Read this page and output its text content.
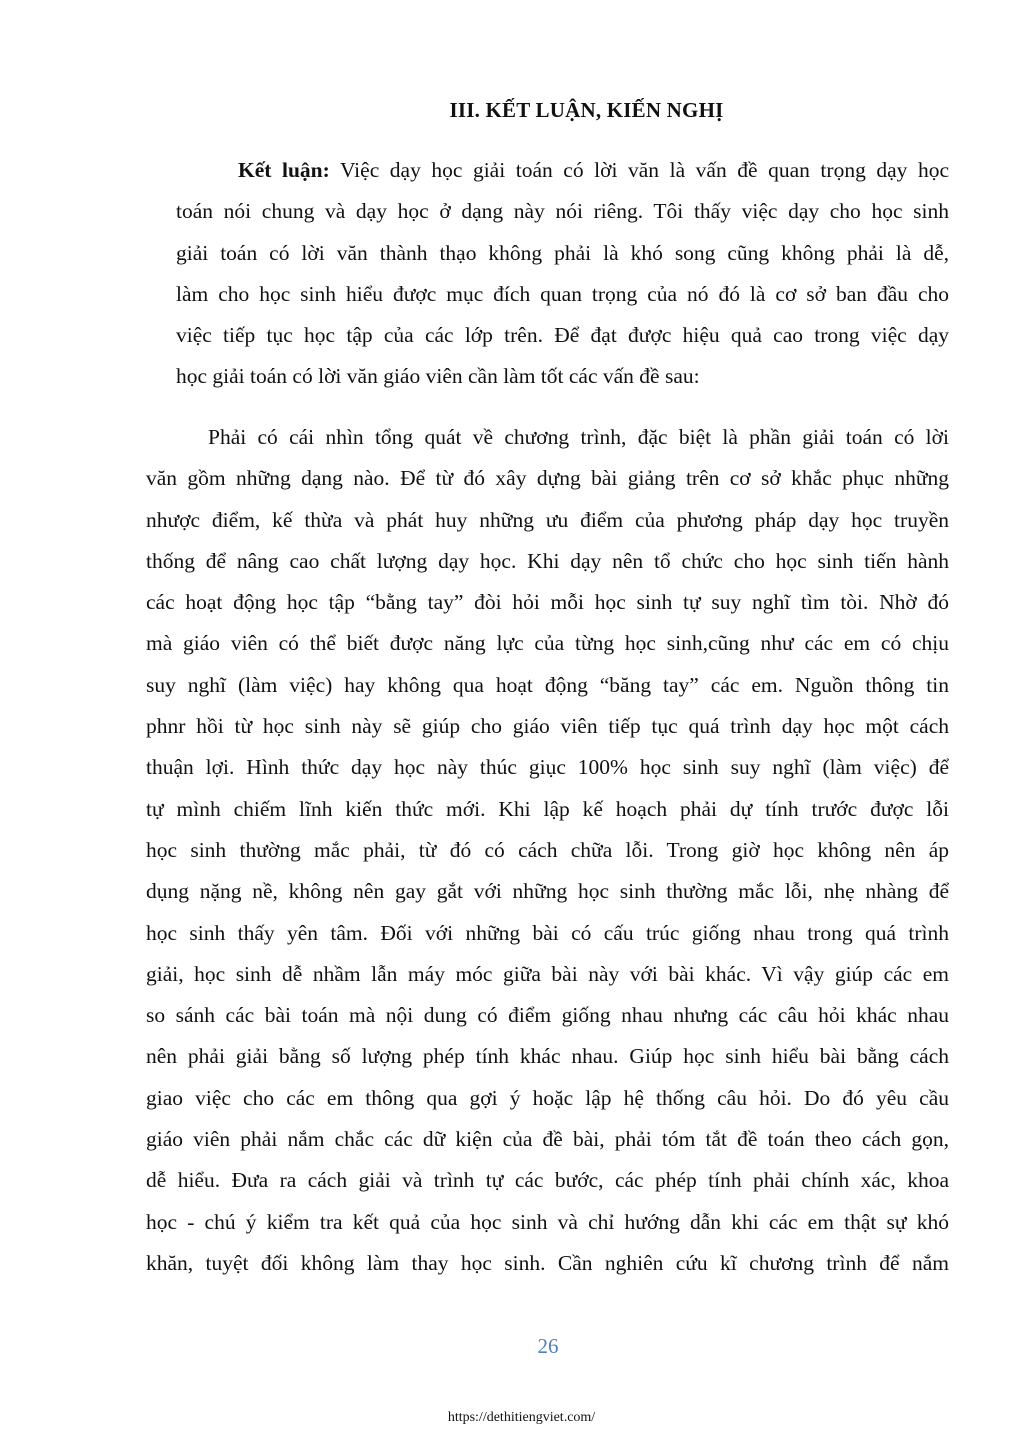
III. KẾT LUẬN, KIẾN NGHỊ
Kết luận: Việc dạy học giải toán có lời văn là vấn đề quan trọng dạy học
toán nói chung và dạy học ở dạng này nói riêng. Tôi thấy việc dạy cho học sinh
giải toán có lời văn thành thạo không phải là khó song cũng không phải là dễ,
làm cho học sinh hiểu được mục đích quan trọng của nó đó là cơ sở ban đầu cho
việc tiếp tục học tập của các lớp trên. Để đạt được hiệu quả cao trong việc dạy
học giải toán có lời văn giáo viên cần làm tốt các vấn đề sau:
Phải có cái nhìn tổng quát về chương trình, đặc biệt là phần giải toán có lời
văn gồm những dạng nào. Để từ đó xây dựng bài giảng trên cơ sở khắc phục những
nhược điểm, kế thừa và phát huy những ưu điểm của phương pháp dạy học truyền
thống để nâng cao chất lượng dạy học. Khi dạy nên tổ chức cho học sinh tiến hành
các hoạt động học tập “bằng tay” đòi hỏi mỗi học sinh tự suy nghĩ tìm tòi. Nhờ đó
mà giáo viên có thể biết được năng lực của từng học sinh,cũng như các em có chịu
suy nghĩ (làm việc) hay không qua hoạt động “băng tay” các em. Nguồn thông tin
phnr hồi từ học sinh này sẽ giúp cho giáo viên tiếp tục quá trình dạy học một cách
thuận lợi. Hình thức dạy học này thúc giục 100% học sinh suy nghĩ (làm việc) để
tự mình chiếm lĩnh kiến thức mới. Khi lập kế hoạch phải dự tính trước được lỗi
học sinh thường mắc phải, từ đó có cách chữa lỗi. Trong giờ học không nên áp
dụng nặng nề, không nên gay gắt với những học sinh thường mắc lỗi, nhẹ nhàng để
học sinh thấy yên tâm. Đối với những bài có cấu trúc giống nhau trong quá trình
giải, học sinh dễ nhầm lẫn máy móc giữa bài này với bài khác. Vì vậy giúp các em
so sánh các bài toán mà nội dung có điểm giống nhau nhưng các câu hỏi khác nhau
nên phải giải bằng số lượng phép tính khác nhau. Giúp học sinh hiểu bài bằng cách
giao việc cho các em thông qua gợi ý hoặc lập hệ thống câu hỏi. Do đó yêu cầu
giáo viên phải nắm chắc các dữ kiện của đề bài, phải tóm tắt đề toán theo cách gọn,
dễ hiểu. Đưa ra cách giải và trình tự các bước, các phép tính phải chính xác, khoa
học - chú ý kiểm tra kết quả của học sinh và chỉ hướng dẫn khi các em thật sự khó
khăn, tuyệt đối không làm thay học sinh. Cần nghiên cứu kĩ chương trình để nắm
26
https://dethitiengviet.com/
